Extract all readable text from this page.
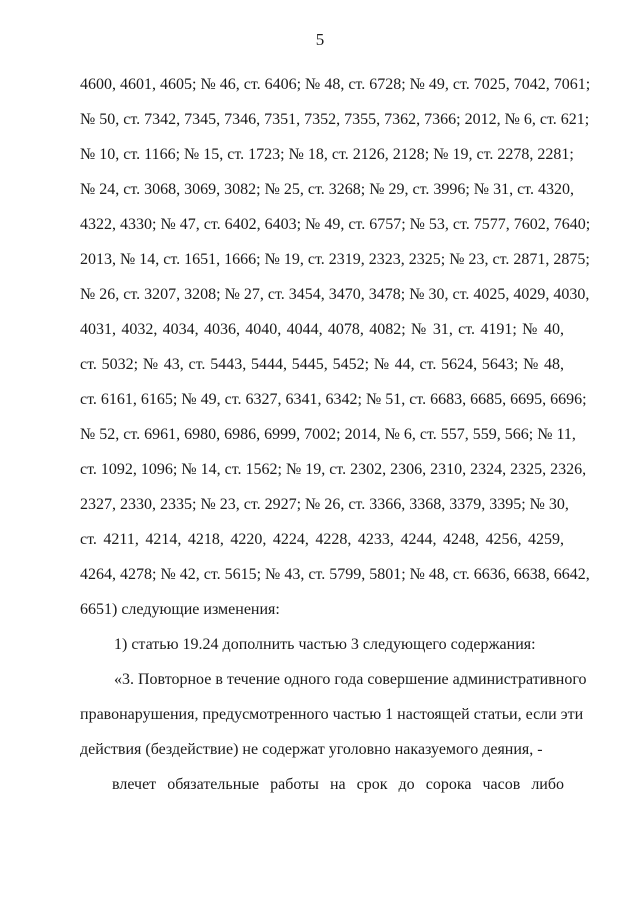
5
4600, 4601, 4605; № 46, ст. 6406; № 48, ст. 6728; № 49, ст. 7025, 7042, 7061;
№ 50, ст. 7342, 7345, 7346, 7351, 7352, 7355, 7362, 7366; 2012, № 6, ст. 621;
№ 10, ст. 1166; № 15, ст. 1723; № 18, ст. 2126, 2128; № 19, ст. 2278, 2281;
№ 24, ст. 3068, 3069, 3082; № 25, ст. 3268; № 29, ст. 3996; № 31, ст. 4320,
4322, 4330; № 47, ст. 6402, 6403; № 49, ст. 6757; № 53, ст. 7577, 7602, 7640;
2013, № 14, ст. 1651, 1666; № 19, ст. 2319, 2323, 2325; № 23, ст. 2871, 2875;
№ 26, ст. 3207, 3208; № 27, ст. 3454, 3470, 3478; № 30, ст. 4025, 4029, 4030,
4031, 4032, 4034, 4036, 4040, 4044, 4078, 4082; № 31, ст. 4191; № 40,
ст. 5032; № 43, ст. 5443, 5444, 5445, 5452; № 44, ст. 5624, 5643; № 48,
ст. 6161, 6165; № 49, ст. 6327, 6341, 6342; № 51, ст. 6683, 6685, 6695, 6696;
№ 52, ст. 6961, 6980, 6986, 6999, 7002; 2014, № 6, ст. 557, 559, 566; № 11,
ст. 1092, 1096; № 14, ст. 1562; № 19, ст. 2302, 2306, 2310, 2324, 2325, 2326,
2327, 2330, 2335; № 23, ст. 2927; № 26, ст. 3366, 3368, 3379, 3395; № 30,
ст. 4211, 4214, 4218, 4220, 4224, 4228, 4233, 4244, 4248, 4256, 4259,
4264, 4278; № 42, ст. 5615; № 43, ст. 5799, 5801; № 48, ст. 6636, 6638, 6642,
6651) следующие изменения:
1) статью 19.24 дополнить частью 3 следующего содержания:
«3. Повторное в течение одного года совершение административного
правонарушения, предусмотренного частью 1 настоящей статьи, если эти
действия (бездействие) не содержат уголовно наказуемого деяния, -
влечет обязательные работы на срок до сорока часов либо
